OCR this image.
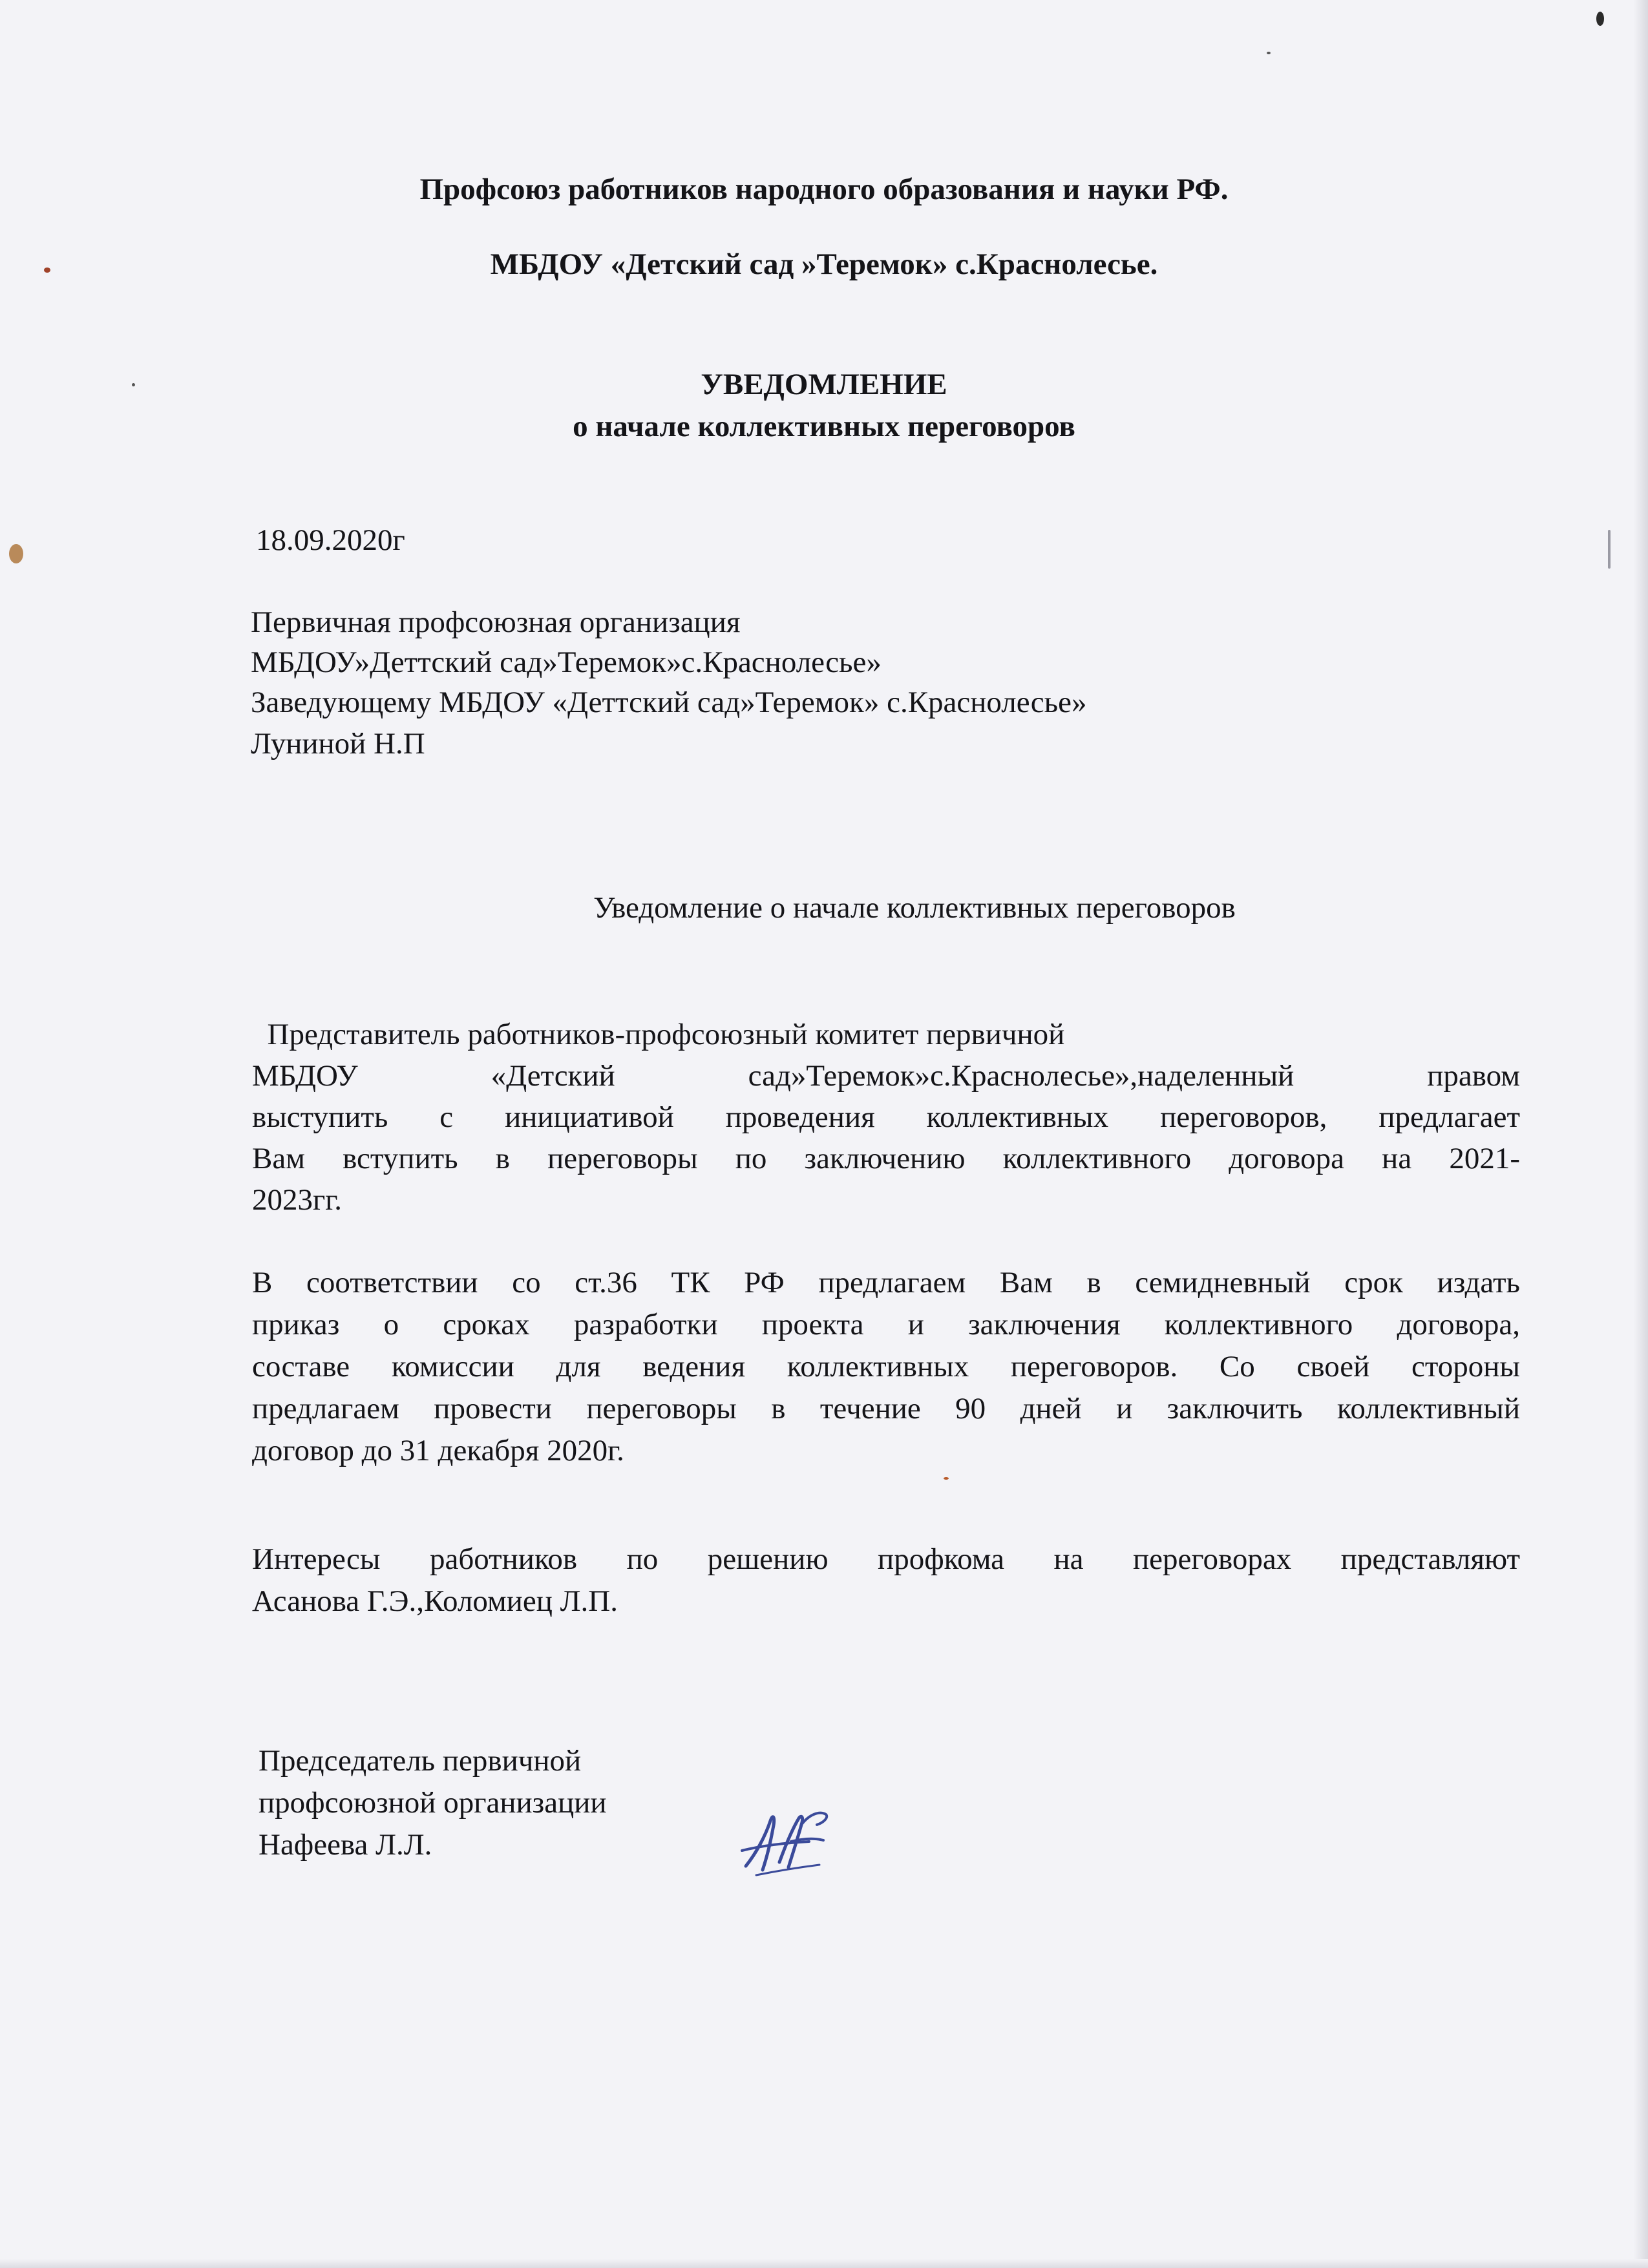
Профсоюз работников народного образования и науки РФ.

МБДОУ «Детский сад »Теремок» с.Краснолесье.

УВЕДОМЛЕНИЕ

о начале коллективных переговоров

18.09.2020г

Первичная профсоюзная организация

МБДОУ»Деттский сад»Теремок»с.Краснолесье»

Заведующему МБДОУ «Деттский сад»Теремок» с.Краснолесье»

Луниной Н.П

Уведомление о начале коллективных переговоров

Представитель работников-профсоюзный комитет первичной

МБДОУ «Детский сад»Теремок»с.Краснолесье»,наделенный правом

выступить с инициативой проведения коллективных переговоров, предлагает

Вам вступить в переговоры по заключению коллективного договора на 2021-

2023гг.

В соответствии со ст.36 ТК РФ предлагаем Вам в семидневный срок издать

приказ о сроках разработки проекта и заключения коллективного договора,

составе комиссии для ведения коллективных переговоров. Со своей стороны

предлагаем провести переговоры в течение 90 дней и заключить коллективный

договор до 31 декабря 2020г.

Интересы работников по решению профкома на переговорах представляют

Асанова Г.Э.,Коломиец Л.П.

Председатель первичной

профсоюзной организации

Нафеева Л.Л.
